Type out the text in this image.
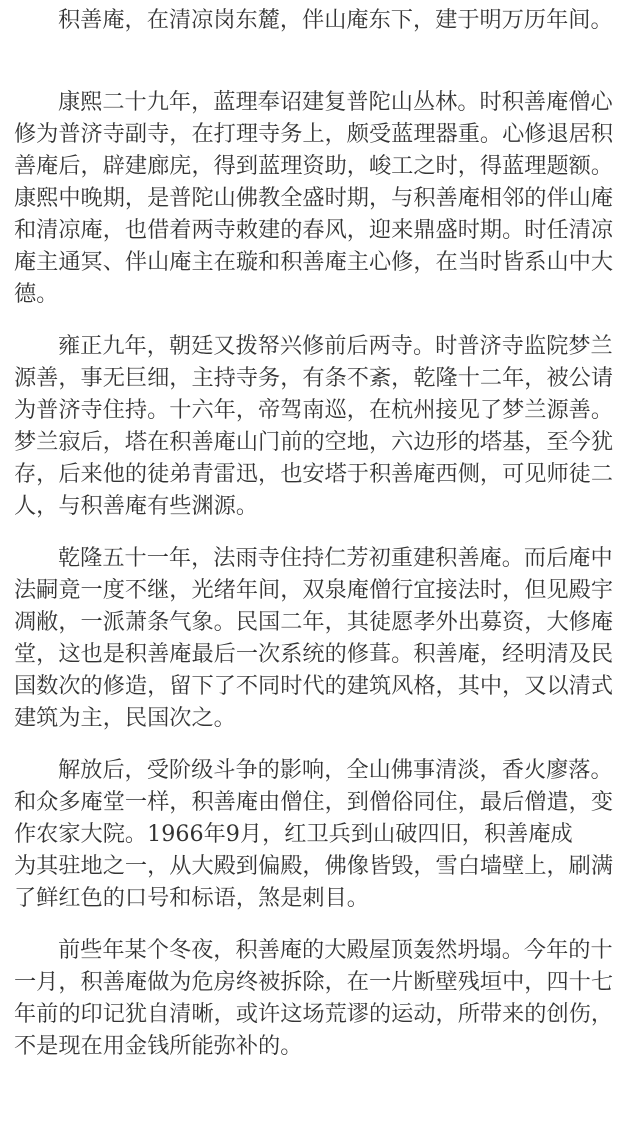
积善庵，在清凉岗东麓，伴山庵东下，建于明万历年间。

康熙二十九年，蓝理奉诏建复普陀山丛林。时积善庵僧心

修为普济寺副寺，在打理寺务上，颇受蓝理器重。心修退居积

善庵后，辟建廊庑，得到蓝理资助，峻工之时，得蓝理题额。

康熙中晚期，是普陀山佛教全盛时期，与积善庵相邻的伴山庵

和清凉庵，也借着两寺敕建的春风，迎来鼎盛时期。时任清凉

庵主通冥、伴山庵主在璇和积善庵主心修，在当时皆系山中大

德。

雍正九年，朝廷又拨帑兴修前后两寺。时普济寺监院梦兰

源善，事无巨细，主持寺务，有条不紊，乾隆十二年，被公请

为普济寺住持。十六年，帝驾南巡，在杭州接见了梦兰源善。

梦兰寂后，塔在积善庵山门前的空地，六边形的塔基，至今犹

存，后来他的徒弟青雷迅，也安塔于积善庵西侧，可见师徒二

人，与积善庵有些渊源。

乾隆五十一年，法雨寺住持仁芳初重建积善庵。而后庵中

法嗣竟一度不继，光绪年间，双泉庵僧行宜接法时，但见殿宇

凋敝，一派萧条气象。民国二年，其徒愿孝外出募资，大修庵

堂，这也是积善庵最后一次系统的修葺。积善庵，经明清及民

国数次的修造，留下了不同时代的建筑风格，其中，又以清式

建筑为主，民国次之。

解放后，受阶级斗争的影响，全山佛事清淡，香火廖落。

和众多庵堂一样，积善庵由僧住，到僧俗同住，最后僧遣，变

作农家大院。1966年9月，红卫兵到山破四旧，积善庵成

为其驻地之一，从大殿到偏殿，佛像皆毁，雪白墙壁上，刷满

了鲜红色的口号和标语，煞是刺目。

前些年某个冬夜，积善庵的大殿屋顶轰然坍塌。今年的十

一月，积善庵做为危房终被拆除，在一片断壁残垣中，四十七

年前的印记犹自清晰，或许这场荒谬的运动，所带来的创伤，

不是现在用金钱所能弥补的。
